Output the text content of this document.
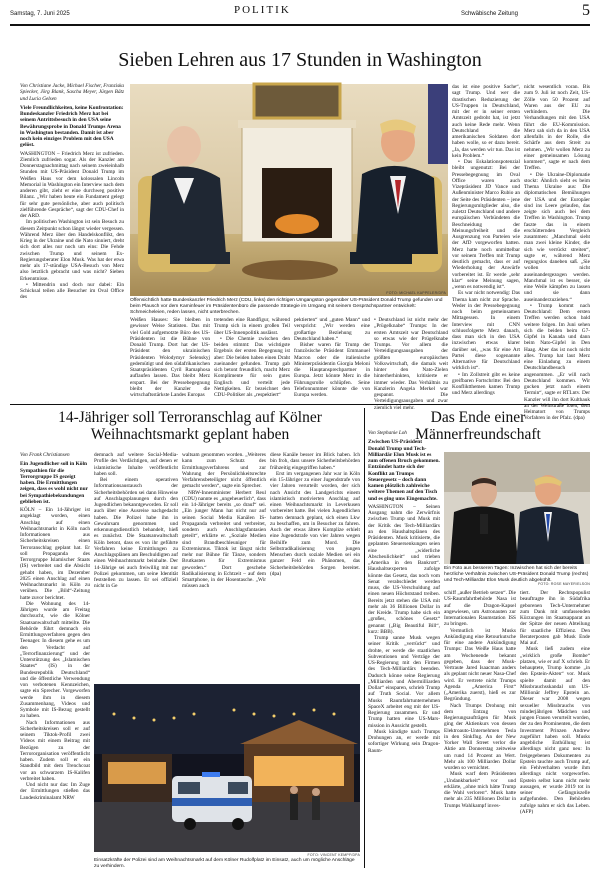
Samstag, 7. Juni 2025	POLITIK	Schwäbische Zeitung	5
Sieben Lehren aus 17 Stunden in Washington
Von Christiane Jacke, Michael Fischer, Franziska Spiecker, Jörg Blank, Sascha Meyer, Jürgen Bätz und Lucia Gelsen
Viele Freundlichkeiten, keine Konfrontation: Bundeskanzler Friedrich Merz hat bei seinem Antrittsbesuch in den USA seine Bewährungsprobe in Donald Trumps Arena in Washington bestanden. Damit ist aber noch kein einziges Problem mit den USA gelöst.

WASHINGTON – Friedrich Merz ist zufrieden. Ziemlich zufrieden sogar. Als der Kanzler am Donnerstagnachmittag nach seinem zweieinhalb Stunden mit US-Präsident Donald Trump im Weißen Haus vor dem kolossalen Lincoln Memorial in Washington ein Interview nach dem anderen gibt, zieht er eine durchweg positive Bilanz. „Wir haben heute ein Fundament gelegt für sehr gute persönliche, aber auch politisch zielführende Gespräche“, sagt der CDU-Chef in der ARD.

Im politischen Washington ist sein Besuch zu diesem Zeitpunkt schon längst wieder vergessen. Während Merz über den Handelskonflikt, den Krieg in der Ukraine und die Nato sinniert, dreht sich dort alles nur noch um eins: Die Fehde zwischen Trump und seinem Ex-Regierungsberater Elon Musk. Was hat der etwa mehr als 17-stündige USA-Besuch von Merz also letztlich gebracht und was nicht? Sieben Erkenntnisse.

• Mittendrin und doch nur dabei: Ein Schicksal teilen alle Besucher im Oval Office des

Offensichtlich hatte Bundeskanzler Friedrich Merz (CDU, links) den richtigen Umgangston gegenüber US-Präsident Donald Trump gefunden und beim Plausch vor dem Kaminfeuer im Präsidentenbüro die passende Strategie im Umgang mit seinem Gesprächspartner entwickelt: Schmeicheleien, reden lassen, nicht unterbrechen.
FOTO: MICHAEL KAPPELER/DPA

Weißen Hauses: Sie bleiben in gewisser Weise Statisten. Das mit viel Gold aufgemotzte Büro des US-Präsidenten ist die Bühne von Donald Trump. Dort hat der US-Präsident den ukrainischen Präsidenten Wolodymyr Selenskyj gedemütigt und den südafrikanischen Staatspräsidenten Cyril Ramaphosa auflaufen lassen. Das bleibt Merz erspart. Bei der Pressebegegnung bleibt der Kanzler die wirtschaftsstärkste Landes Europas

tretenden eine Randfigur, während Trump sich in einem großen Teil über US-Innenpolitik auslässt.

• Die Chemie zwischen den beiden stimmt: Das wichtigste Ergebnis der ersten Begegnung ist aber: Die beiden haben einen Draht zueinander gefunden. Trump gab sich betont freundlich, macht Merz Komplimente für sein gutes Englisch und verteilt jede Nettigkeiten. Er bezeichnet den CDU-Politiker als „respektiert“

pektierten“ und „guten Mann“ und verspricht: „Wir werden eine großartige Beziehung zu Deutschland haben.“

Bisher waren für Trump der französische Präsident Emmanuel Macron oder die italienische Ministerpräsidentin Giorgia Meloni die Hauptansprechpartner in Europa. Jetzt könnte Merz in die Führungsrolle schlüpfen. Seine Telefonnummer könnte die von Europa werden.

• Deutschland ist nicht mehr der „Prügelknabe“ Trumps: In der ersten Amtszeit war Deutschland so etwas wie der Prügelknabe Trumps. Vor allem die Verteidigungsausgaben der größten europäischen Volkswirtschaft, die damals weit hinter den Nato-Zielen hinterherhinkten, kritisierte er immer wieder. Das Verhältnis zu Kanzlerin Angela Merkel war gespannt. Die Verteidigungsausgaben und zwar ziemlich viel mehr.

das ist eine positive Sache“, sagt Trump. Und wer die drastischen Reduzierung der US-Truppen in Deutschland, mit der er in seiner ersten Amtszeit gedroht hat, ist jetzt auch keine Rede mehr. Wenn Deutschland die amerikanischen Soldaten dort haben wolle, so er dazu bereit. „Ja, das werden wir tun. Das ist kein Problem.“

• Das Eskalationspotenzial bleibt ungenutzt: Bei der Pressebegegnung im Oval Office waren auch Vizepräsident JD Vance und Außenminister Marco Rubio an der Seite des Präsidenten – jene Regierungsmitglieder also, die zuletzt Deutschland und andere europäischen Verbündeten die Beschneidung der Meinungsfreiheit und die Ausgrenzung von Parteien wie der AfD vorgeworfen hatten. Merz hatte noch unmittelbar vor seinem Treffen mit Trump deutlich gemacht, dass er auf Wiederholung der Anwürfe vorbereitet ist. Er werde „sehr klar“ seine Meinung sagen, „wenn es notwendig ist“.

Es war nicht notwendig: Das Thema kam nicht zur Sprache. Weder in der Pressebegegnung noch beim gemeinsamen Mittagessen. In einem Interview mit CNN schlussfolgerte Merz danach, dass man sich in den USA inzwischen etwas klarer darüber sei, „was für eine Art Partei diese sogenannte Alternative für Deutschland wirklich ist“.

• Im Zollstreit gibt es keine greifbaren Fortschritte: Bei den Konfliktthemen kamen Trump und Merz allerdings

nicht wesentlich voran. Bis zum 9. Juli ist noch Zeit, US-Zölle von 50 Prozent auf Waren aus der EU zu verhindern. Die Verhandlungen mit den USA führt die EU-Kommission. Merz sah sich da in den USA allenfalls in der Rolle, die Schärfe aus dem Streit zu nehmen. „Wir wollen Merz zu einer gemeinsamen Lösung kommen“, sagte er nach dem Treffen.

• Die Ukraine-Diplomatie stockt: Ähnlich sieht es beim Thema Ukraine aus: Die diplomatischen Bemühungen der USA und der Europäer sind ins Leere gelaufen, das zeigte sich auch bei dem Treffen in Washington. Trump faszte das in einem erschütternden Vergleich zusammen: „Manchmal sieht man zwei kleine Kinder, die sich wie verrückt streiten“, sagte er, während Merz regungslos daneben saß. „Sie wollen nicht auseinandergezogen werden. Manchmal ist es besser, sie eine Weile kämpfen zu lassen und sie dann auseinanderzuziehen.“

• Trump kommt nach Deutschland: Dem ersten Treffen werden schon bald weitere folgen. Im Juni sehen sich die beiden beim G7-Gipfel in Kanada und dann beim Nato-Gipfel in Den Haag. Aber das ist noch nicht alles. Trump hat laut Merz eine Einladung zu einem Deutschlandbesuch angenommen. „Er will nach Deutschland kommen. Wir gucken jetzt nach einem Termin“, sagte er RTLntv. Der Kanzler will ihn dort Kulthauk an der Weinstraße loten, dem Heimatort von Trumps Vorfahren in der Pfalz. (dpa)

14-Jähriger soll Terroranschlag auf Kölner Weihnachtsmarkt geplant haben
Von Frank Christiansen
Ein Jugendlicher soll in Köln Sympathien für die Terrorgruppe IS gezeigt haben. Die Ermittlungen zeigen, dass es wohl nicht nur bei Sympathiebekundungen geblieben ist.

KÖLN – Ein 14-Jähriger ist angeklagt worden, einen Anschlag auf einen Weihnachtsmarkt in Köln nach Informationen aus Sicherheitskreisen einen Terroranschlag geplant hat. Er soll Propaganda des Terrorgruppe Islamischer Staats (IS) verbreitet und die Absicht gehabt haben, im Dezember 2025 einen Anschlag auf einen Weihnachtsmarkt in Köln zu verüben. Die „Bild“-Zeitung hatte zuvor berichtet.

Die Wohnung des 14-Jährigen wurde am Freitag durchsucht, wie die Kölner Staatsanwaltschaft mitteilte. Die Behörde führt demnach ein Ermittlungsverfahren gegen den Teenager. In diesem gehe es um den Verdacht auf „Terrorfinanzierung“ und der Unterstützung des „Islamischen Staates“ (IS) in der Bundesrepublik Deutschland“ und die öffentliche Verwendung von verbotenen Kennzeichen, sagte ein Sprecher. Vorgeworfen werde ihm in diesem Zusammenhang, Videos und Symbole mit IS-Bezug gestellt zu haben.

Nach Informationen aus Sicherheitskreisen soll er auf seinem Tiktok-Profil zwei Videos mit einem Beitrag mit Bezügen zu der Terrororganisation veröffentlicht haben. Zudem soll er ein Standbild mit dem Trenchcoat vor an schwarzem IS-Kalifen verbreitet haben.

Und nicht nur das: Im Zuge der Ermittlungen stießen das Landeskriminalamt NRW

demnach auf weitere Social-Media-Profile des Verdächtigen, auf denen er islamistische Inhalte veröffentlicht haben soll.

Bei einem operativen Informationsaustausch der Sicherheitsbehörden sei dann Hinweise auf Anschlagsplanungen durch den Jugendlichen bekanntgeworden. Er soll auch über eine Ausreise nachgedacht haben. Die Polizei habe ihn in Gewahrsam genommen und erkennungsdienstlich behandelt, hieß es zunächst. Die Staatsanwaltschaft Köln betont, dass es von ihr geführte Verfahren keine Ermittlungen zu Anschlagsplänen am Beschuldigten auf einen Weihnachtsmarkt beinhalte. Der 14-Jährige sei auch freiwillig mit nur Polizei gekommen, um seine Identität feststellen zu lassen. Er sei offiziell nicht in Ge

waltsam genommen worden. „Weiteres kann zum Schutz des Ermittlungsverfahrens und zur Wahrung der Persönlichkeitsrechte Verfahrensbeteiligter nicht öffentlich gemacht werden“, sagte ein Sprecher.

NRW-Innenminister Herbert Reul (CDU) nannte es „ungeheuerlich“, dass ein 14-Jähriger bereits „so drauf“ sei. „Ein junger Mann hat nicht nur auf seinen Social Media Kanälen IS-Propaganda verbreitet und verbreitet, sondern auch Anschlagsfantasien geteilt“, erklärte er. „Soziale Medien sind Brandbeschleuniger für Extremismus. Tiktok ist längst nicht mehr nur Bühne für Tänze, sondern Brutkasten für Extremismus geworden.“ Dort geschehe Radikalisierung in Echtzeit – auf dem Smartphone, in der Hosentasche. „Wir müssen auch

diese Kanäle besser im Blick haben. Ich bin froh, dass unsere Sicherheitsbehörden frühzeitig eingegriffen haben.“

Erst im vergangenen Jahr war in Köln ein 15-Jähriger zu einer Jugendstrafe von vier Jahren verurteilt worden, der sich nach Ansicht des Landgerichts einem islamistisch motivierten Anschlag auf einen Weihnachtsmarkt in Leverkusen vorbereitet hatte. Bei vielen Jugendlichen hatten demnach geplant, sich einen Lkw zu beschaffen, um in Besucher zu fahren. Auch der etwas ältere Komplize erhielt eine Jugendstrafe von vier Jahren wegen Beihilfe zum Mord. Die Selbstradikalisierung von jungen Menschen durch soziale Medien sei ein ganzer Feld ein Phänomen, das Sicherheitsbehörden Sorgen bereitet. (dpa)

FOTO: VINCENT KEMPF/DPA
Einsatzkräfte der Polizei sind am Weihnachtsmarkt auf dem Kölner Rudolfplatz im Einsatz, auch um mögliche Anschläge zu verhindern.
Das Ende einer Männerfreundschaft
Von Stephanie Loh
Zwischen US-Präsident Donald Trump und Tech-Milliardär Elon Musk ist es zum offenen Bruch gekommen. Entzündet hatte sich der Konflikt an Trumps Steuergesetz – doch dann kamen plötzlich zahlreiche weitere Themen auf den Tisch und es ging ums Eingemachte.

WASHINGTON – Seinen Ausgang nahm die Zerwürfnis zwischen Trump und Musk mit der Kritik des Tech-Milliardärs an den Haushaltsplänen des Präsidenten. Musk kritisierte, die geplanten Steuersenkungen seien eine „widerliche Abscheulichkeit“ und trieben „Amerika in den Bankrott“. Haushaltsexperten zufolge könnte das Gesetz, das noch vom Senat verabschiedet werden muss, die US-Verschuldung auf einen neuen Höchststand treiben. Bereits jetzt stehen die USA mit mehr als 36 Billionen Dollar in der Kreide. Trump habe sich ein „großes, schönes Gesetz“ genannt („Big Beautiful Bill“, kurz: BBB).

Trump sanne Musk wegen seiner Kritik „verrückt“ und drohte, er werde die staatlichen Subventionen und Verträge der US-Regierung mit den Firmen des Tech-Milliardärs beenden. Dadurch könne seine Regierung „Milliarden und Abermilliarden Dollar“ einsparen, schrieb Trump auf Truth Social. Vor allem Musks Raumfahrtunternehmen SpaceX arbeitet eng mit der US-Regierung zusammen. Er und Trump hatten eine US-Mars-mission in Aussicht gestellt.

Musk kündigte nach Trumps Drohungen an, er werde mit sofortiger Wirkung sein Dragon-Raum-

Ein Foto aus besseren Tagen: Inzwischen hat sich der bereits herzliche Verhältnis zwischen US-Präsident Donald Trump (rechts) und Tech-Milliardär Elon Musk deutlich abgekühlt.
FOTO: ROSE MAYER/ELSON

schiff „außer Betrieb setzen“. Die US-Raumfahrtbehörde Nasa ist auf die Dragon-Kapsel angewiesen, um Astronauten zur Internationalen Raumstation ISS zu bringen.

Vermutlich ist Musks Ankündigung eine Retourkutsche für eine andere Ankündigung Trumps: Das Weiße Haus hatte am Wochenende bekannt gegeben, dass der Musk-Vertraute Jared Isaacman anders als geplant nicht neuer Nasa-Chef wird. Er vertrete nicht Trumps Agenda „America First“ („Amerika zuerst), hieß es zur Begründung.

Nach Trumps Drohung mit dem Entzug von Regierungsaufträgen für Musk ging der Aktienkurs von dessen Elektroauto-Unternehmen Tesla in den Sinkflug. An der New Yorker Wall Street verlor die Aktie am Donnerstag zeitweise um rund 14 Prozent an Wert. Mehr als 100 Milliarden Dollar wurden so vernichtet.

Musk warf dem Präsidenten „Undankbarkeit“ vor und erklärte, „ohne mich hätte Trump die Wahl verloren“. Musk hatte mehr als 235 Millionen Dollar in Trumps Wahlkampf inves-

tiert. Der Rechtspopulist beauftragte ihn in Südafrika geborenen Tech-Unternehmer zum Dank mit umfassenden Kürzungen im Staatsapparat an der Spitze der neuen Abteilung für staatliche Effizienz. Den Beraterposten gab Musk Ende Mai auf.

Musk ließ zudem eine „wirklich große Bombe“ platzen, wie er auf X schrieb. Er behauptete, Trump komme „in den Epstein-Akten“ vor. Musk spielte damit auf den Missbrauchsskandal um US-Millionär Jeffrey Epstein an. Dieser war 2008 wegen sexueller Missbrauchs von minderjährigen Mädchen und jungen Frauen verurteilt worden, der zu den Prominenten, die dem Investment Prinzen Andrew zugeführt haben soll. Musks angebliche Enthüllung ist allerdings nicht ganz neu: In freigegebenen Dokumenten zu Epstein tauchte auch Trump auf, ein Fehlverhalten wurde ihm allerdings nicht vorgeworfen. Epstein selbst kann nicht mehr aussagen, er wurde 2019 tot in seiner Gefängniszelle aufgefunden. Den Behörden zufolge nahm er sich das Leben. (AFP)
